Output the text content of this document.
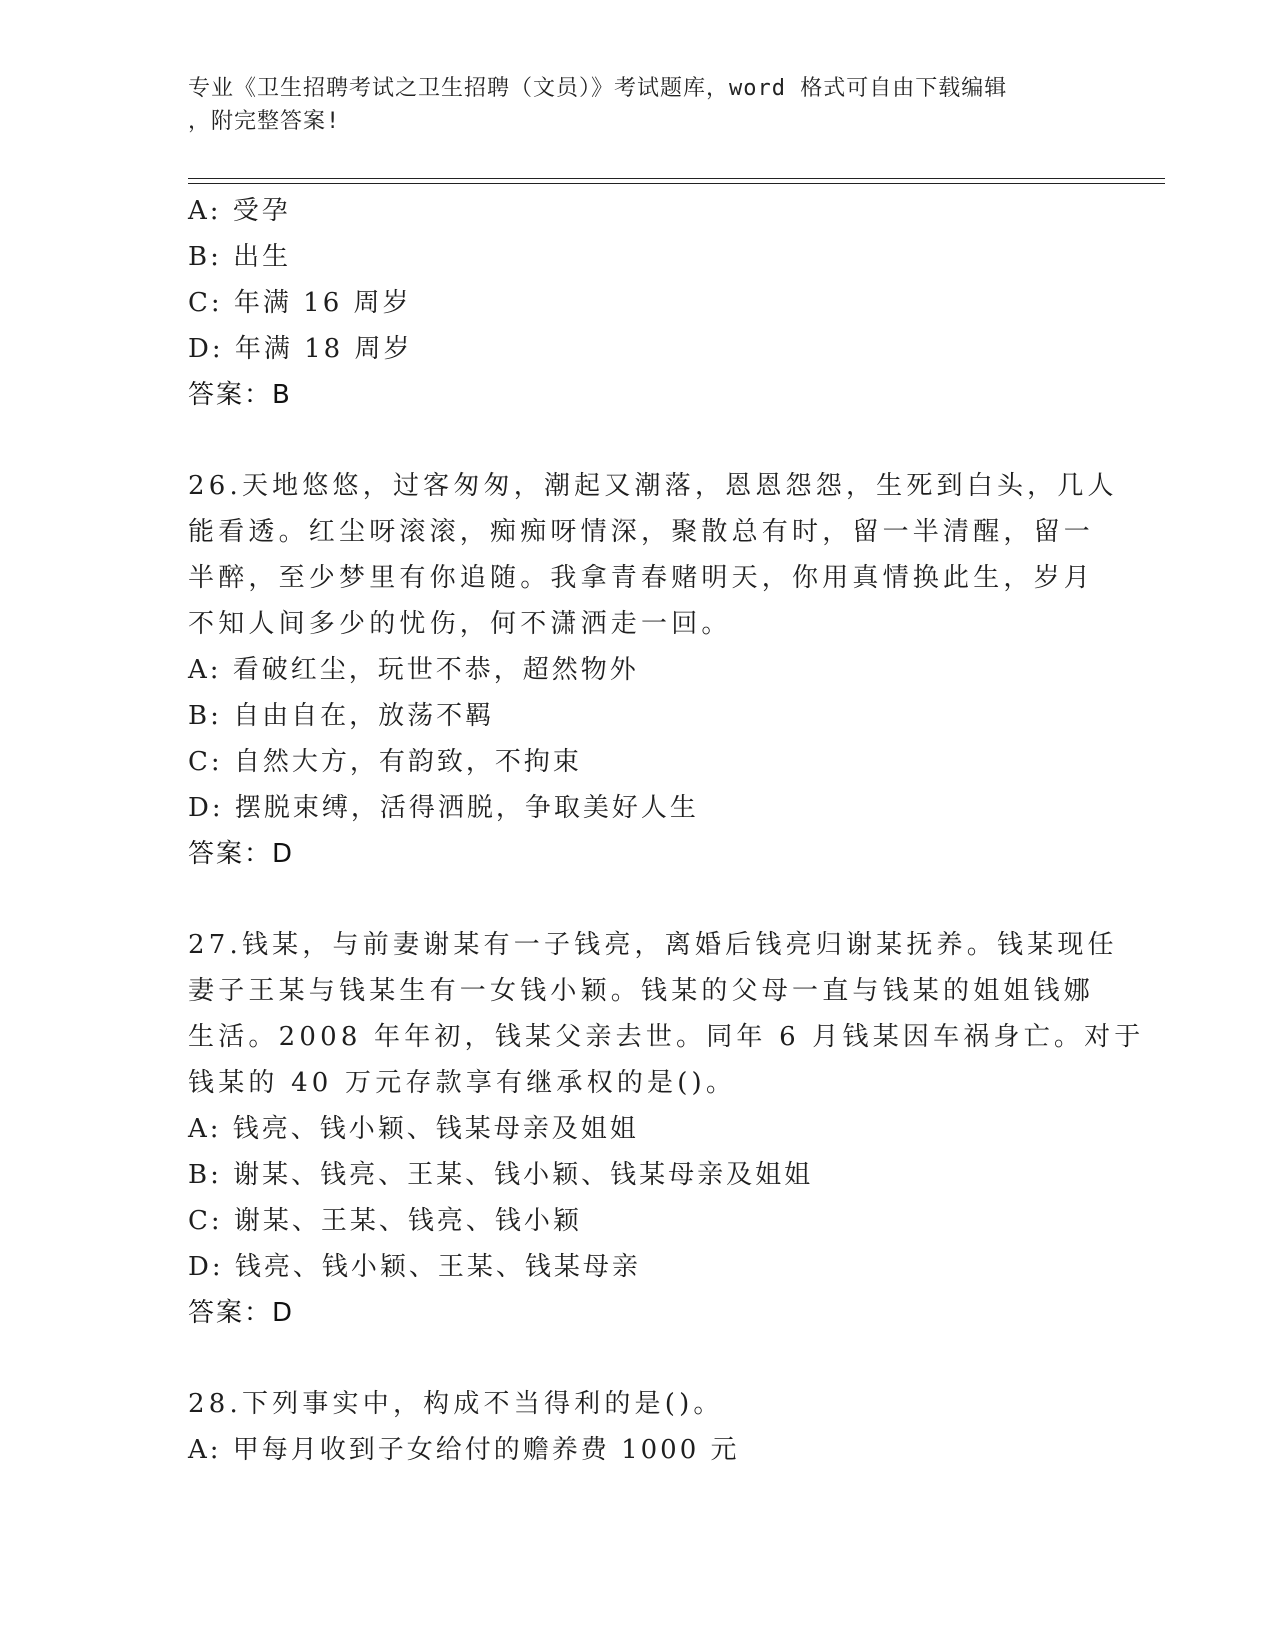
专业《卫生招聘考试之卫生招聘（文员）》考试题库，word 格式可自由下载编辑
，附完整答案!
A: 受孕
B: 出生
C: 年满 16 周岁
D: 年满 18 周岁
答案：B
26.天地悠悠，过客匆匆，潮起又潮落，恩恩怨怨，生死到白头，几人
能看透。红尘呀滚滚，痴痴呀情深，聚散总有时，留一半清醒，留一
半醉，至少梦里有你追随。我拿青春赌明天，你用真情换此生，岁月
不知人间多少的忧伤，何不潇洒走一回。
A: 看破红尘，玩世不恭，超然物外
B: 自由自在，放荡不羁
C: 自然大方，有韵致，不拘束
D: 摆脱束缚，活得洒脱，争取美好人生
答案：D
27.钱某，与前妻谢某有一子钱亮，离婚后钱亮归谢某抚养。钱某现任
妻子王某与钱某生有一女钱小颖。钱某的父母一直与钱某的姐姐钱娜
生活。2008 年年初，钱某父亲去世。同年 6 月钱某因车祸身亡。对于
钱某的 40 万元存款享有继承权的是()。
A: 钱亮、钱小颖、钱某母亲及姐姐
B: 谢某、钱亮、王某、钱小颖、钱某母亲及姐姐
C: 谢某、王某、钱亮、钱小颖
D: 钱亮、钱小颖、王某、钱某母亲
答案：D
28.下列事实中，构成不当得利的是()。
A: 甲每月收到子女给付的赡养费 1000 元
